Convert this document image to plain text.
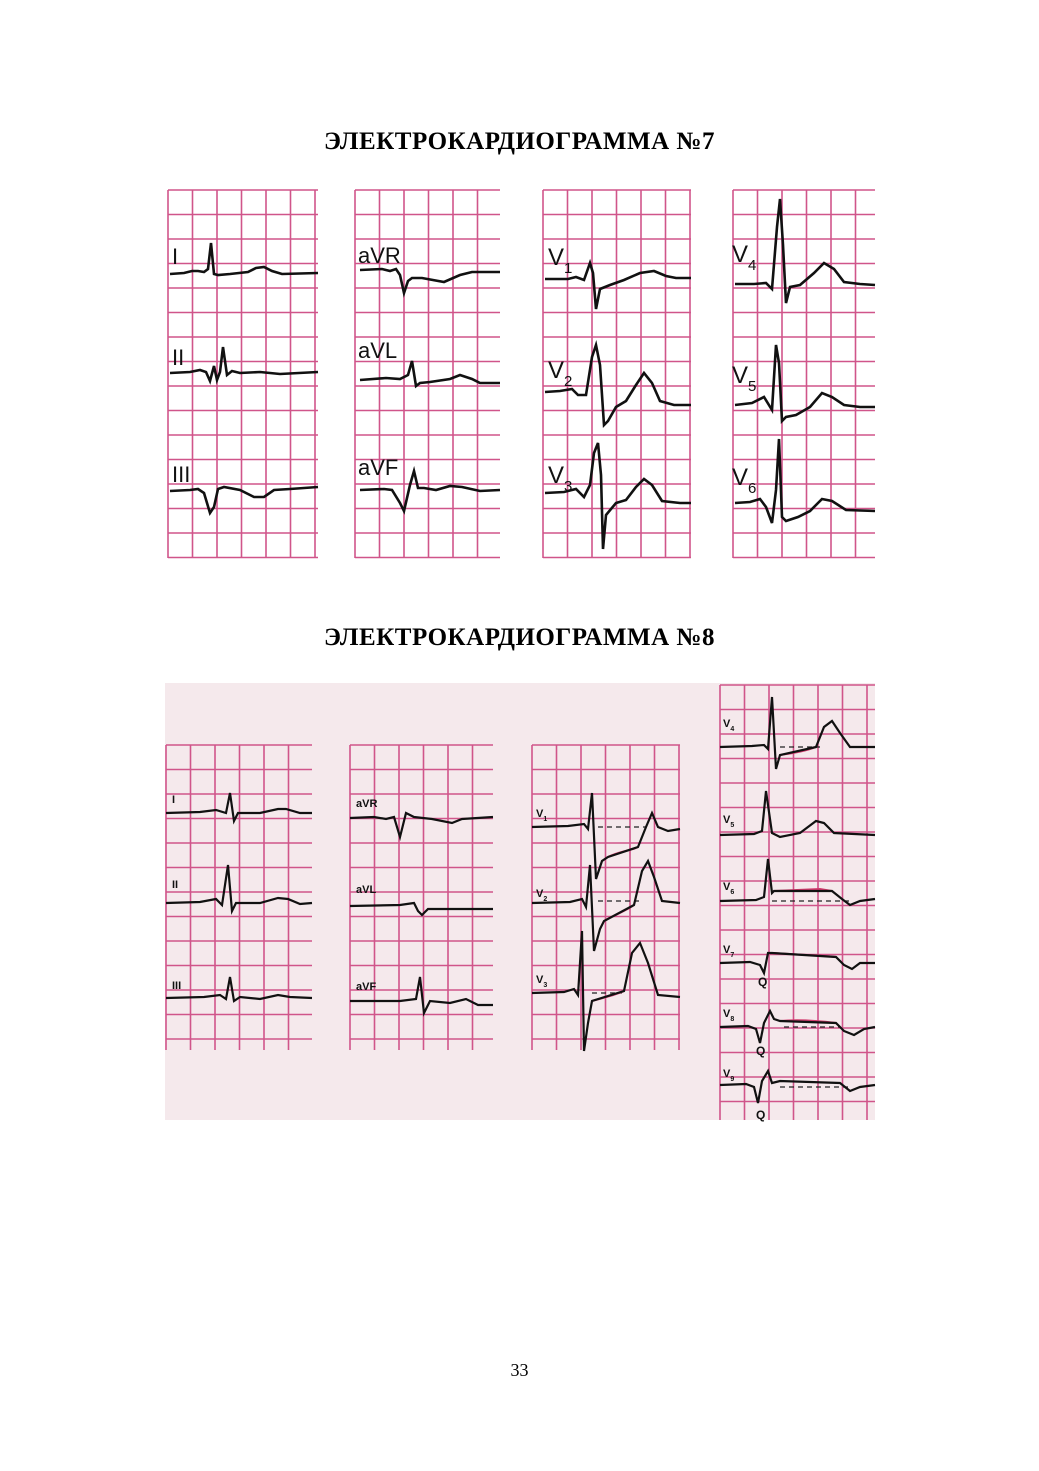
ЭЛЕКТРОКАРДИОГРАММА №7
I
II
III
aVR
aVL
aVF
$V_1$
$V_2$
$V_3$
$V_4$
$V_5$
$V_6$
ЭЛЕКТРОКАРДИОГРАММА №8
I
II
III
aVR
aVL
aVF
$V_1$
$V_2$
$V_3$
$V_4$
$V_5$
$V_6$
$V_7$
Q
$V_8$
Q
$V_9$
Q
33
